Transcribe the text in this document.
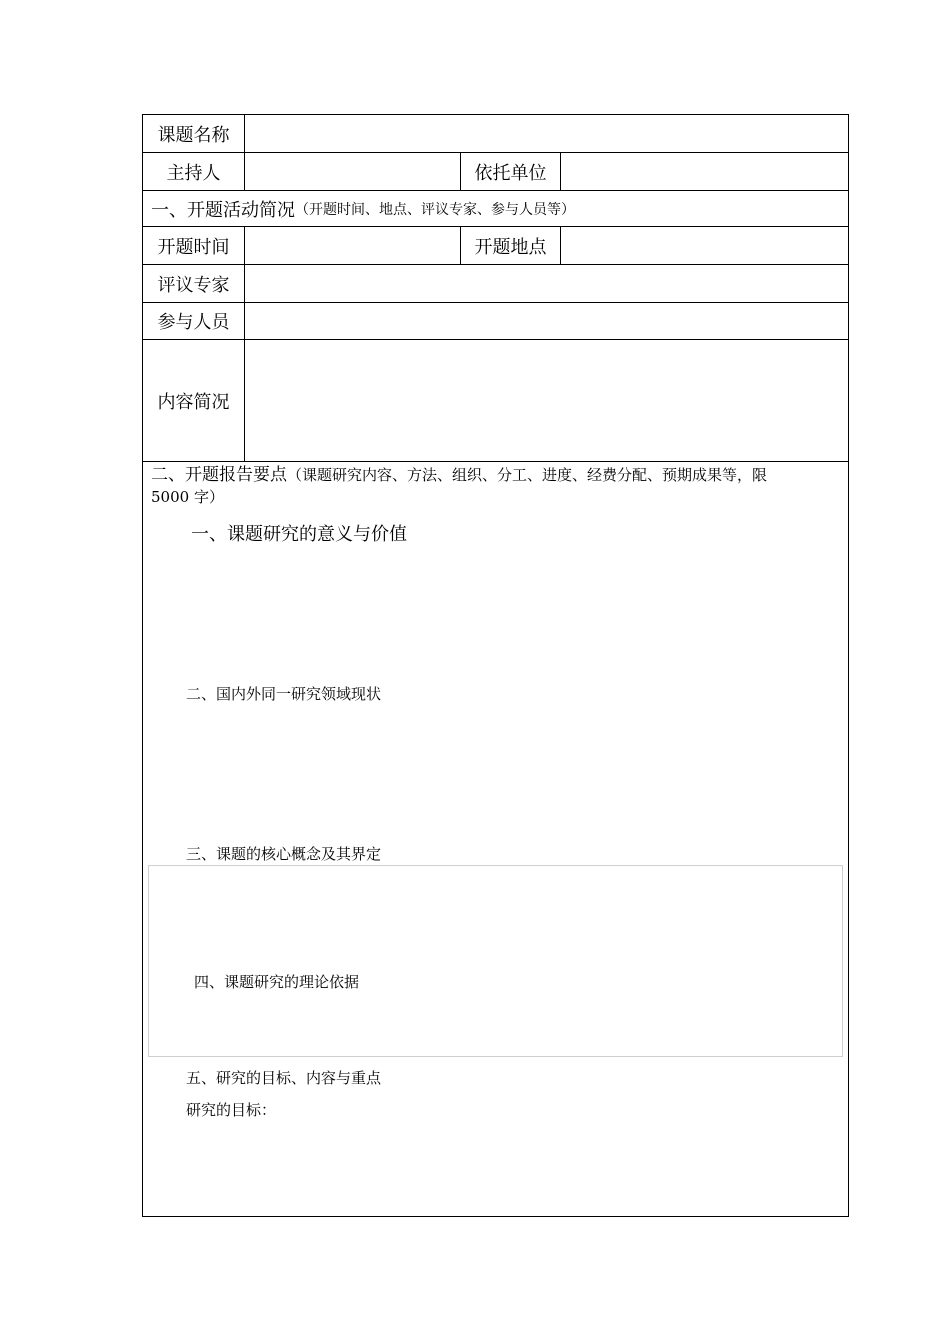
课题名称
主持人	依托单位
一、开题活动简况 （开题时间、地点、评议专家、参与人员等）
开题时间	开题地点
评议专家
参与人员
内容简况
二、开题报告要点（课题研究内容、方法、组织、分工、进度、经费分配、预期成果等，限
5000 字）
一、课题研究的意义与价值
二、国内外同一研究领域现状
三、课题的核心概念及其界定
四、课题研究的理论依据
五、研究的目标、内容与重点
研究的目标：
